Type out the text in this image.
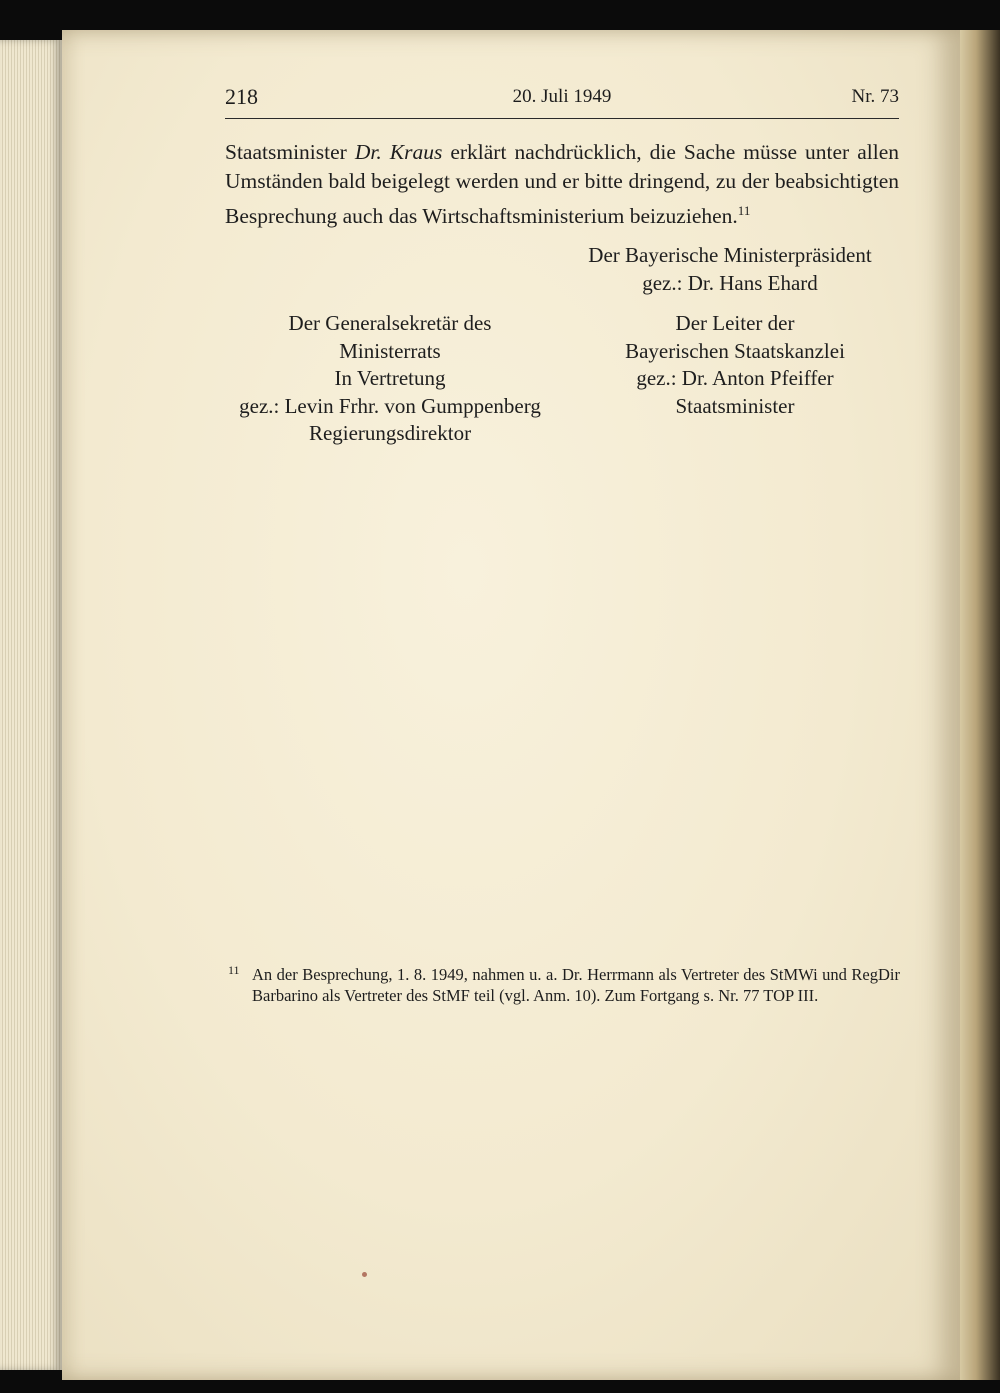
218	20. Juli 1949	Nr. 73

Staatsminister Dr. Kraus erklärt nachdrücklich, die Sache müsse unter allen Umständen bald beigelegt werden und er bitte dringend, zu der beabsichtigten Besprechung auch das Wirtschaftsministerium beizuziehen.$^{11}$

Der Bayerische Ministerpräsident
gez.: Dr. Hans Ehard
Der Generalsekretär des
Ministerrats
In Vertretung
gez.: Levin Frhr. von Gumppenberg
Regierungsdirektor
Der Leiter der
Bayerischen Staatskanzlei
gez.: Dr. Anton Pfeiffer
Staatsminister
11 An der Besprechung, 1. 8. 1949, nahmen u. a. Dr. Herrmann als Vertreter des StMWi und RegDir Barbarino als Vertreter des StMF teil (vgl. Anm. 10). Zum Fortgang s. Nr. 77 TOP III.
